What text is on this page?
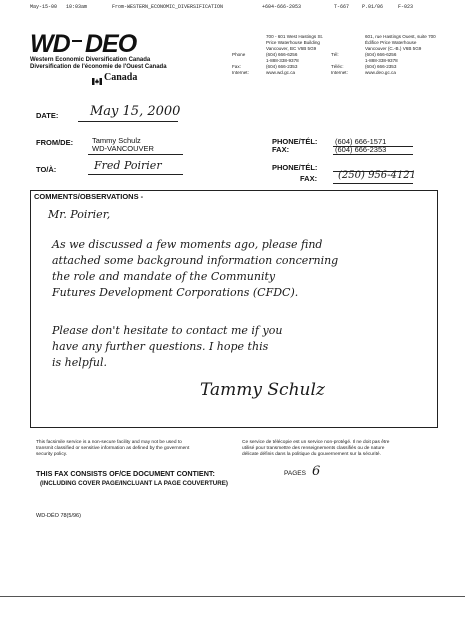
May-15-00 10:03am	From-WESTERN_ECONOMIC_DIVERSIFICATION	+604-666-2053	T-667	P.01/06	F-023
WD DEO
Western Economic Diversification Canada
Diversification de l'économie de l'Ouest Canada
Canada
700 - 601 West Hastings St.
Price Waterhouse Building
Vancouver, BC V6B 5G9
Phone	(604) 666-6256
1-888-338-9378
Fax:	(604) 666-2353
Internet:	www.wd.gc.ca
601, rue Hastings Ouest, suite 700
Édifice Price Waterhouse
Vancouver (C.-B.) V6B 5G9
Tél:	(604) 666-6256
1-888-338-9378
Téléc:	(604) 666-2353
Internet:	www.deo.gc.ca
DATE: May 15, 2000
FROM/DE:	Tammy Schulz
WD-VANCOUVER
PHONE/TÉL: (604) 666-1571
FAX:	(604) 666-2353
TO/À:	Fred Poirier	PHONE/TÉL:
FAX: (250) 956-4121
COMMENTS/OBSERVATIONS -
Mr. Poirier,
As we discussed a few moments ago, please find
attached some background information concerning
the role and mandate of the Community
Futures Development Corporations (CFDC).
Please don't hesitate to contact me if you
have any further questions. I hope this
is helpful.
Tammy Schulz
This facsimile service is a non-secure facility and may not be used to
transmit classified or sensitive information as defined by the government
security policy.
Ce service de télécopie est un service non-protégé. Il ne doit pas être
utilisé pour transmettre des renseignements classifiés ou de nature
délicate définis dans la politique du gouvernement sur la sécurité.
THIS FAX CONSISTS OF/CE DOCUMENT CONTIENT:
(INCLUDING COVER PAGE/INCLUANT LA PAGE COUVERTURE)
PAGES 6
WD-DÉO 78(5/96)
